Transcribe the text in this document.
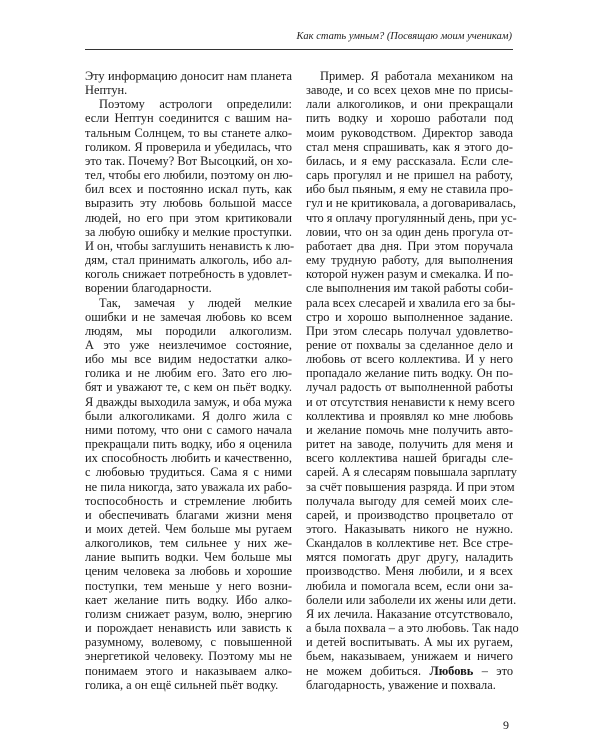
Как стать умным? (Посвящаю моим ученикам)
Эту информацию доносит нам планета
Нептун.
Поэтому астрологи определили:
если Нептун соединится с вашим на-
тальным Солнцем, то вы станете алко-
голиком. Я проверила и убедилась, что
это так. Почему? Вот Высоцкий, он хо-
тел, чтобы его любили, поэтому он лю-
бил всех и постоянно искал путь, как
выразить эту любовь большой массе
людей, но его при этом критиковали
за любую ошибку и мелкие проступки.
И он, чтобы заглушить ненависть к лю-
дям, стал принимать алкоголь, ибо ал-
коголь снижает потребность в удовлет-
ворении благодарности.
Так, замечая у людей мелкие
ошибки и не замечая любовь ко всем
людям, мы породили алкоголизм.
А это уже неизлечимое состояние,
ибо мы все видим недостатки алко-
голика и не любим его. Зато его лю-
бят и уважают те, с кем он пьёт водку.
Я дважды выходила замуж, и оба мужа
были алкоголиками. Я долго жила с
ними потому, что они с самого начала
прекращали пить водку, ибо я оценила
их способность любить и качественно,
с любовью трудиться. Сама я с ними
не пила никогда, зато уважала их рабо-
тоспособность и стремление любить
и обеспечивать благами жизни меня
и моих детей. Чем больше мы ругаем
алкоголиков, тем сильнее у них же-
лание выпить водки. Чем больше мы
ценим человека за любовь и хорошие
поступки, тем меньше у него возни-
кает желание пить водку. Ибо алко-
голизм снижает разум, волю, энергию
и порождает ненависть или зависть к
разумному, волевому, с повышенной
энергетикой человеку. Поэтому мы не
понимаем этого и наказываем алко-
голика, а он ещё сильней пьёт водку.
Пример. Я работала механиком на
заводе, и со всех цехов мне по присы-
лали алкоголиков, и они прекращали
пить водку и хорошо работали под
моим руководством. Директор завода
стал меня спрашивать, как я этого до-
билась, и я ему рассказала. Если сле-
сарь прогулял и не пришел на работу,
ибо был пьяным, я ему не ставила про-
гул и не критиковала, а договаривалась,
что я оплачу прогулянный день, при ус-
ловии, что он за один день прогула от-
работает два дня. При этом поручала
ему трудную работу, для выполнения
которой нужен разум и смекалка. И по-
сле выполнения им такой работы соби-
рала всех слесарей и хвалила его за бы-
стро и хорошо выполненное задание.
При этом слесарь получал удовлетво-
рение от похвалы за сделанное дело и
любовь от всего коллектива. И у него
пропадало желание пить водку. Он по-
лучал радость от выполненной работы
и от отсутствия ненависти к нему всего
коллектива и проявлял ко мне любовь
и желание помочь мне получить авто-
ритет на заводе, получить для меня и
всего коллектива нашей бригады сле-
сарей. А я слесарям повышала зарплату
за счёт повышения разряда. И при этом
получала выгоду для семей моих сле-
сарей, и производство процветало от
этого. Наказывать никого не нужно.
Скандалов в коллективе нет. Все стре-
мятся помогать друг другу, наладить
производство. Меня любили, и я всех
любила и помогала всем, если они за-
болели или заболели их жены или дети.
Я их лечила. Наказание отсутствовало,
а была похвала – а это любовь. Так надо
и детей воспитывать. А мы их ругаем,
бьем, наказываем, унижаем и ничего
не можем добиться. Любовь – это
благодарность, уважение и похвала.
9
